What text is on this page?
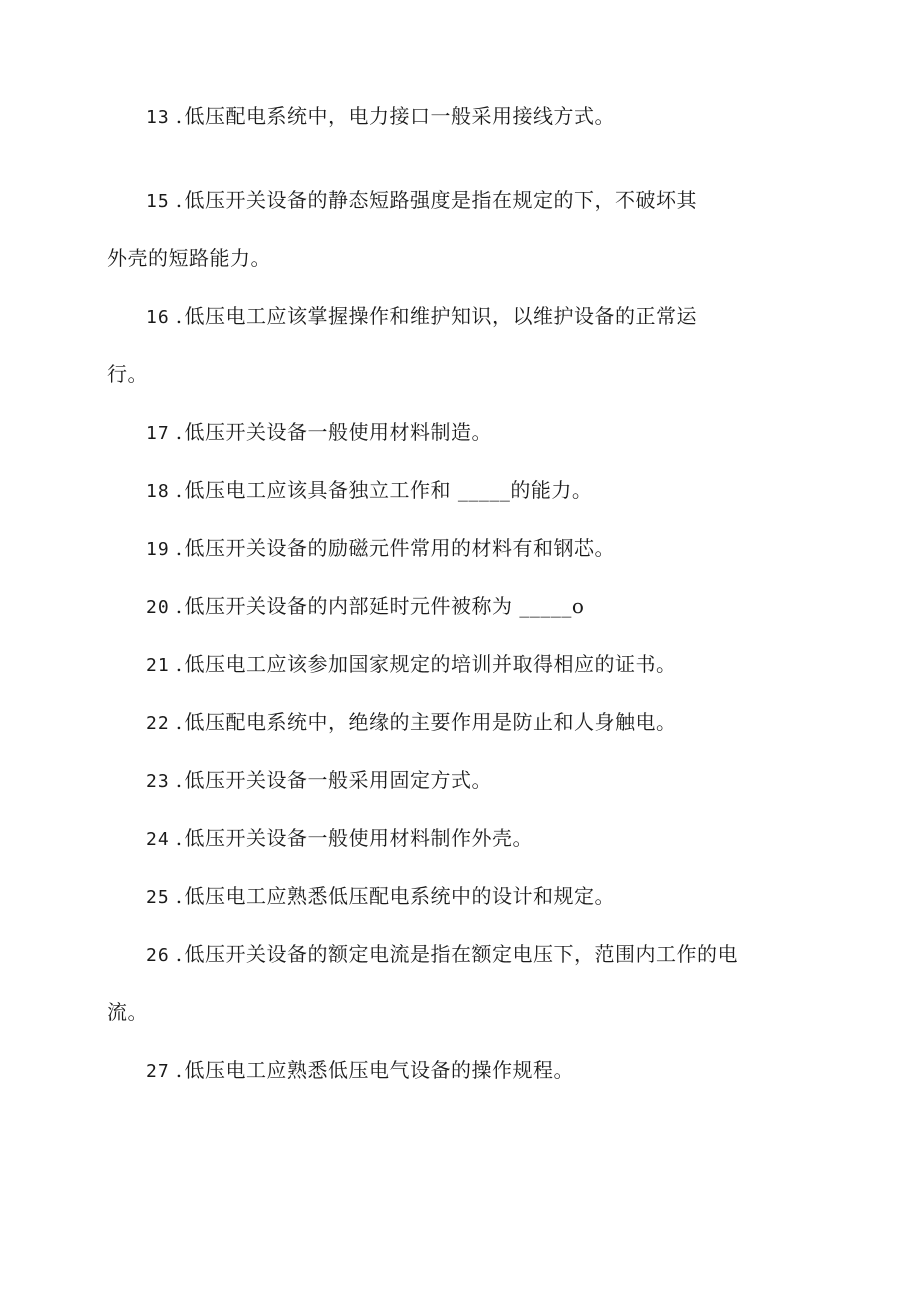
13 . 低压配电系统中，电力接口一般采用接线方式。
15 . 低压开关设备的静态短路强度是指在规定的下，不破坏其
外壳的短路能力。
16 . 低压电工应该掌握操作和维护知识，以维护设备的正常运
行。
17 . 低压开关设备一般使用材料制造。
18 . 低压电工应该具备独立工作和 _____的能力。
19 . 低压开关设备的励磁元件常用的材料有和钢芯。
20 . 低压开关设备的内部延时元件被称为 _____o
21 . 低压电工应该参加国家规定的培训并取得相应的证书。
22 . 低压配电系统中，绝缘的主要作用是防止和人身触电。
23 . 低压开关设备一般采用固定方式。
24 . 低压开关设备一般使用材料制作外壳。
25 . 低压电工应熟悉低压配电系统中的设计和规定。
26 . 低压开关设备的额定电流是指在额定电压下，范围内工作的电
流。
27 . 低压电工应熟悉低压电气设备的操作规程。
